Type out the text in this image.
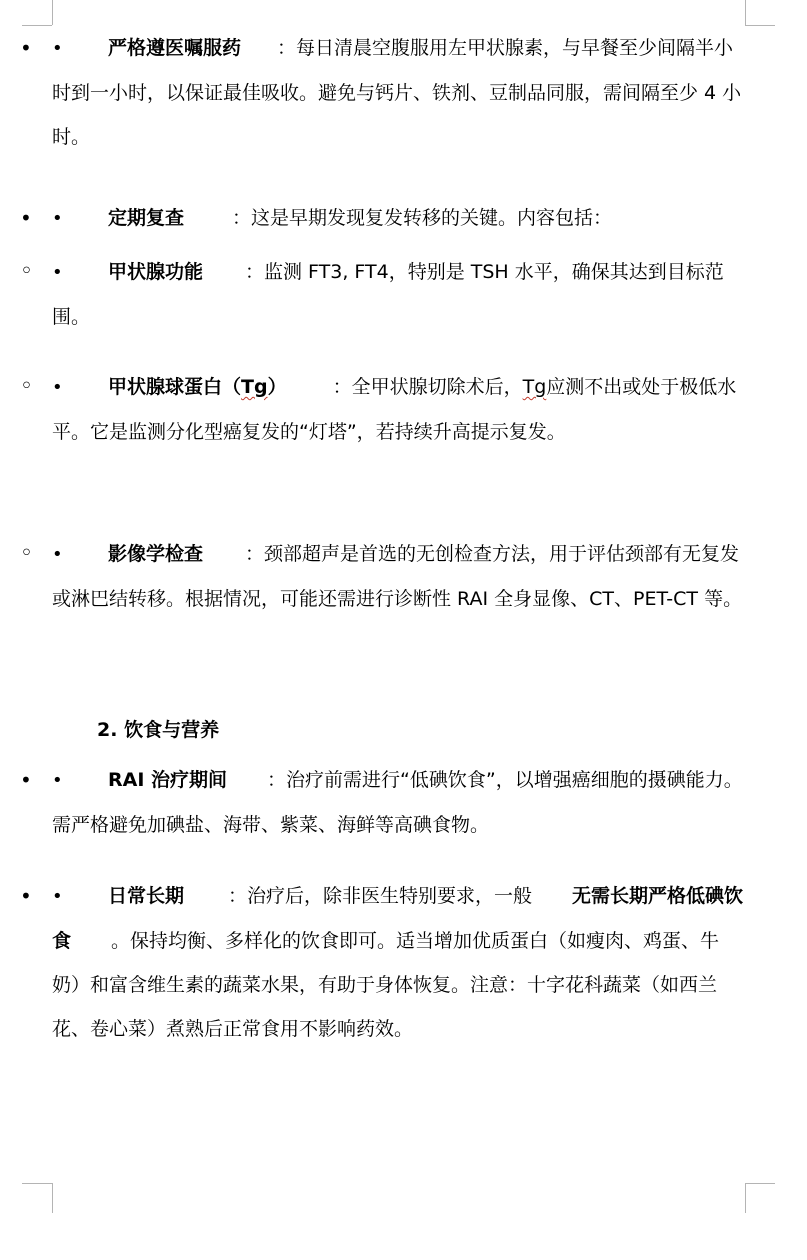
•

•严格遵医嘱服药 ：每日清晨空腹服用左甲状腺素，与早餐至少间隔半小时到一小时，以保证最佳吸收。避免与钙片、铁剂、豆制品同服，需间隔至少 4 小时。

•

•定期复查	：这是早期发现复发转移的关键。内容包括：

◦

•甲状腺功能 ：监测 FT3, FT4，特别是 TSH 水平，确保其达到目标范围。

◦

•甲状腺球蛋白（Tg） ：全甲状腺切除术后，Tg应测不出或处于极低水平。它是监测分化型癌复发的“灯塔”，若持续升高提示复发。

◦

•影像学检查 ：颈部超声是首选的无创检查方法，用于评估颈部有无复发或淋巴结转移。根据情况，可能还需进行诊断性 RAI 全身显像、CT、PET-CT 等。

2. 饮食与营养

•

•RAI 治疗期间 ：治疗前需进行“低碘饮食”，以增强癌细胞的摄碘能力。需严格避免加碘盐、海带、紫菜、海鲜等高碘食物。

•

•日常长期 ：治疗后，除非医生特别要求，一般 无需长期严格低碘饮食 。保持均衡、多样化的饮食即可。适当增加优质蛋白（如瘦肉、鸡蛋、牛奶）和富含维生素的蔬菜水果，有助于身体恢复。注意：十字花科蔬菜（如西兰花、卷心菜）煮熟后正常食用不影响药效。
